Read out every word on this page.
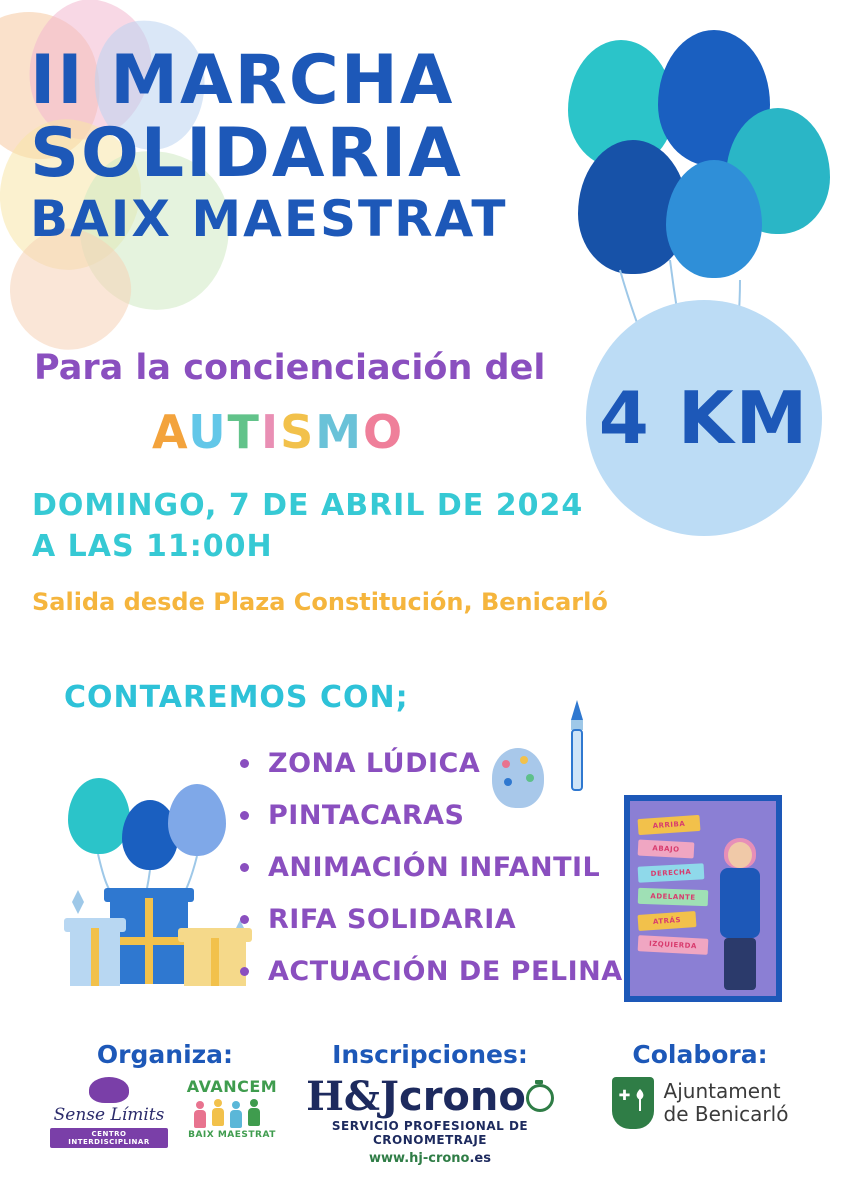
II MARCHA
SOLIDARIA
BAIX MAESTRAT
Para la concienciación del
AUTISMO
DOMINGO, 7 DE ABRIL DE 2024
A LAS 11:00H
Salida desde Plaza Constitución, Benicarló
4 KM
CONTAREMOS CON;
ZONA LÚDICA
PINTACARAS
ANIMACIÓN INFANTIL
RIFA SOLIDARIA
ACTUACIÓN DE PELINA
ARRIBA
ABAJO
DERECHA
ADELANTE
ATRÁS
IZQUIERDA
Organiza:
Sense Límits
CENTRO INTERDISCIPLINAR
AVANCEM
BAIX MAESTRAT
Inscripciones:
H&Jcrono
SERVICIO PROFESIONAL DE CRONOMETRAJE
www.hj-crono.es
Colabora:
✚ Ajuntament
de Benicarló
